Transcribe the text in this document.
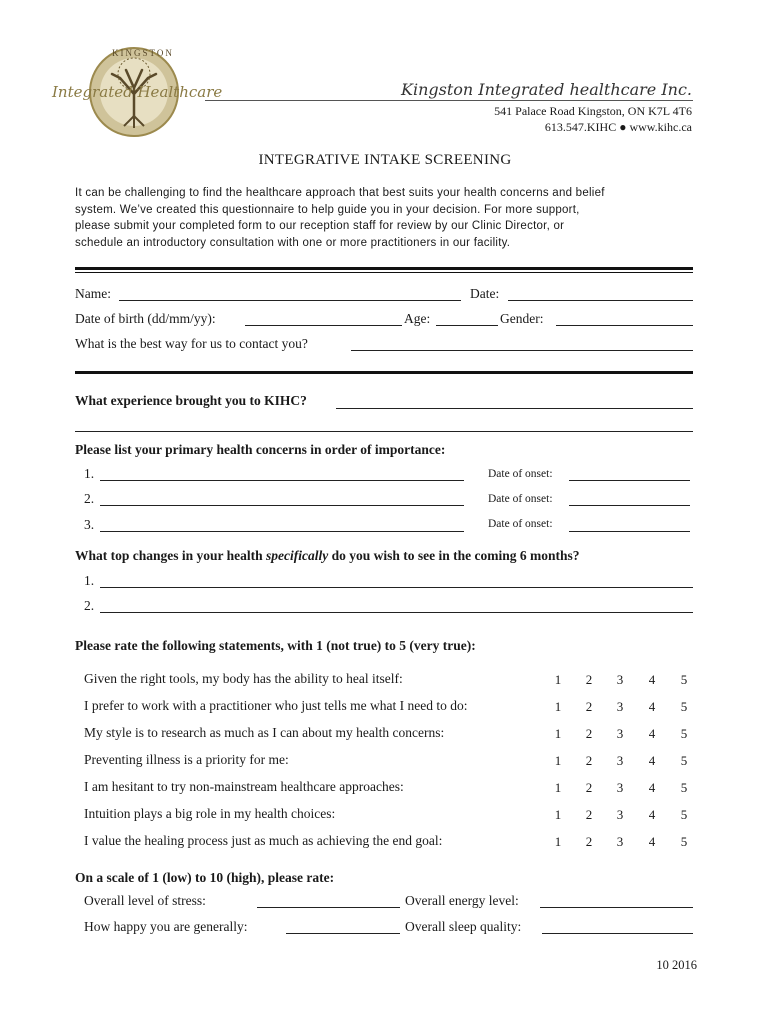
KINGSTON
Integrated Healthcare	Kingston Integrated healthcare Inc.
541 Palace Road Kingston, ON K7L 4T6
613.547.KIHC ● www.kihc.ca
INTEGRATIVE INTAKE SCREENING
It can be challenging to find the healthcare approach that best suits your health concerns and belief
system. We’ve created this questionnaire to help guide you in your decision. For more support,
please submit your completed form to our reception staff for review by our Clinic Director, or
schedule an introductory consultation with one or more practitioners in our facility.
Name:	Date:
Date of birth (dd/mm/yy):	Age:	Gender:
What is the best way for us to contact you?
What experience brought you to KIHC?
Please list your primary health concerns in order of importance:
1.	Date of onset:
2.	Date of onset:
3.	Date of onset:
What top changes in your health specifically do you wish to see in the coming 6 months?
1.
2.
Please rate the following statements, with 1 (not true) to 5 (very true):
Given the right tools, my body has the ability to heal itself:	1 2 3 4 5
I prefer to work with a practitioner who just tells me what I need to do:	1 2 3 4 5
My style is to research as much as I can about my health concerns:	1 2 3 4 5
Preventing illness is a priority for me:	1 2 3 4 5
I am hesitant to try non-mainstream healthcare approaches:	1 2 3 4 5
Intuition plays a big role in my health choices:	1 2 3 4 5
I value the healing process just as much as achieving the end goal:	1 2 3 4 5
On a scale of 1 (low) to 10 (high), please rate:
Overall level of stress:	Overall energy level:
How happy you are generally:	Overall sleep quality:
10 2016
